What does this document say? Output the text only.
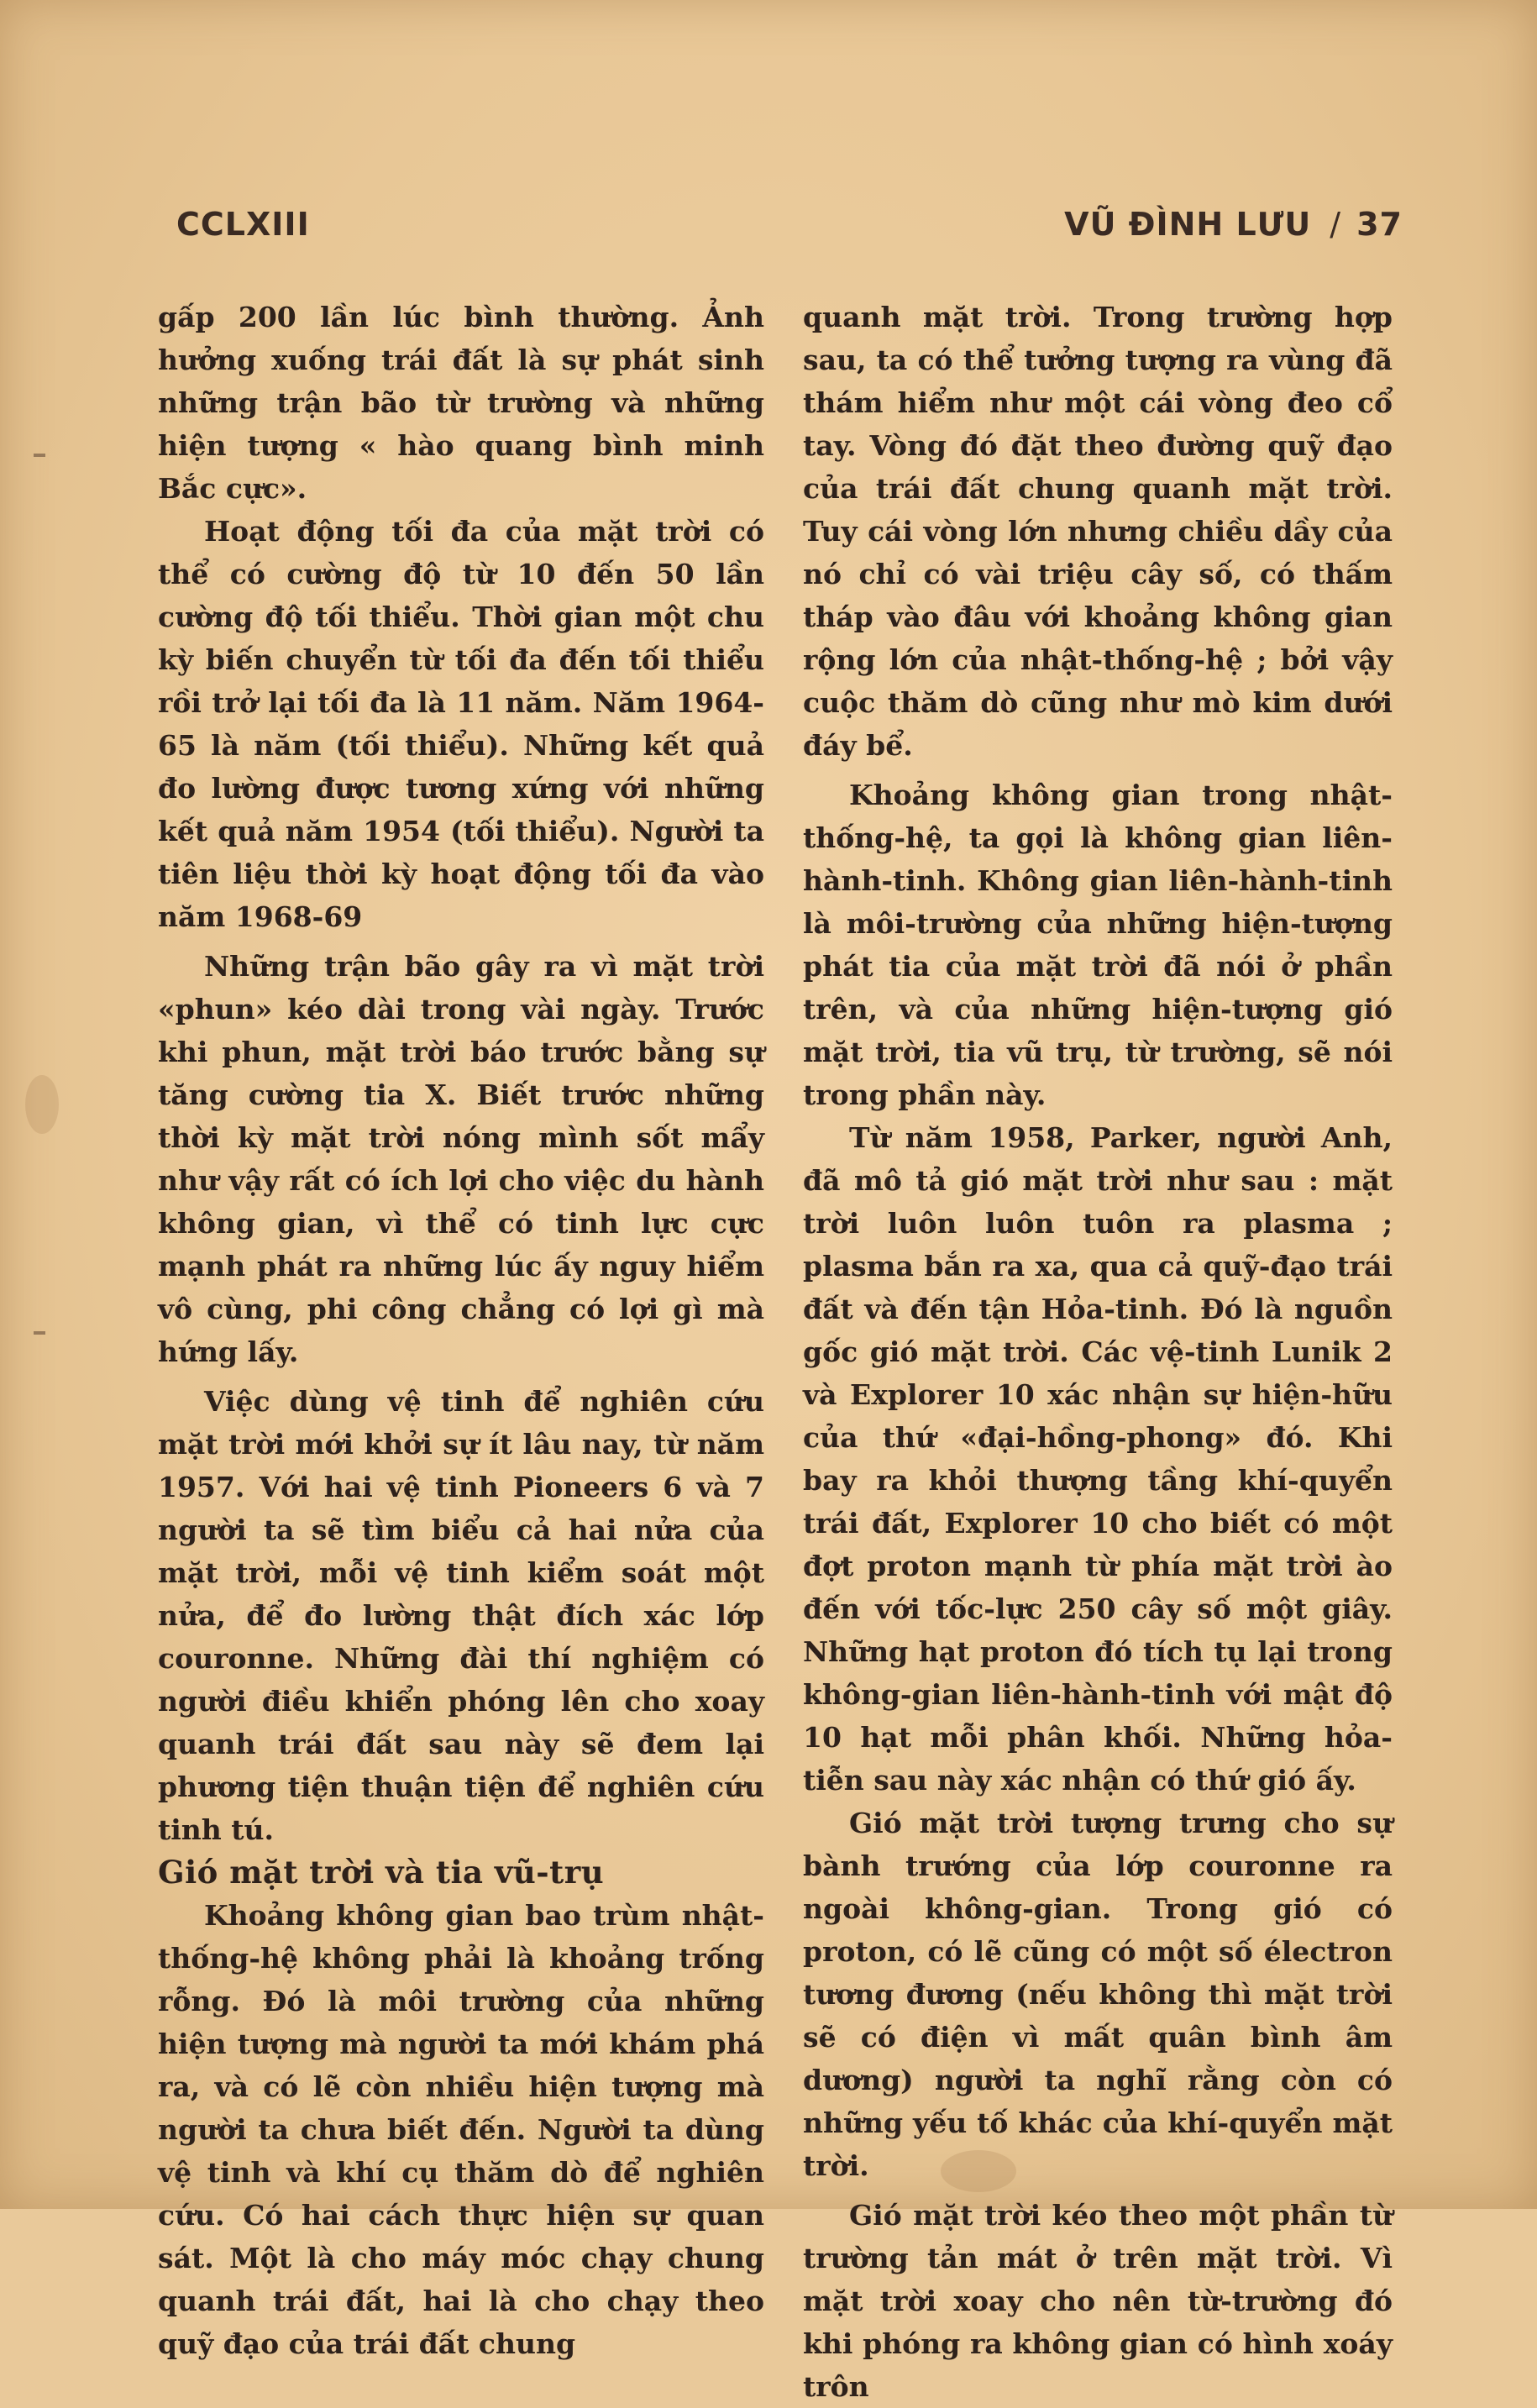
CCLXIII	VŨ ĐÌNH LƯU / 37

gấp 200 lần lúc bình thường. Ảnh hưởng xuống trái đất là sự phát sinh những trận bão từ trường và những hiện tượng « hào quang bình minh Bắc cực».

Hoạt động tối đa của mặt trời có thể có cường độ từ 10 đến 50 lần cường độ tối thiểu. Thời gian một chu kỳ biến chuyển từ tối đa đến tối thiểu rồi trở lại tối đa là 11 năm. Năm 1964-65 là năm (tối thiểu). Những kết quả đo lường được tương xứng với những kết quả năm 1954 (tối thiểu). Người ta tiên liệu thời kỳ hoạt động tối đa vào năm 1968-69

Những trận bão gây ra vì mặt trời «phun» kéo dài trong vài ngày. Trước khi phun, mặt trời báo trước bằng sự tăng cường tia X. Biết trước những thời kỳ mặt trời nóng mình sốt mẩy như vậy rất có ích lợi cho việc du hành không gian, vì thể có tinh lực cực mạnh phát ra những lúc ấy nguy hiểm vô cùng, phi công chẳng có lợi gì mà hứng lấy.

Việc dùng vệ tinh để nghiên cứu mặt trời mới khởi sự ít lâu nay, từ năm 1957. Với hai vệ tinh Pioneers 6 và 7 người ta sẽ tìm biểu cả hai nửa của mặt trời, mỗi vệ tinh kiểm soát một nửa, để đo lường thật đích xác lớp couronne. Những đài thí nghiệm có người điều khiển phóng lên cho xoay quanh trái đất sau này sẽ đem lại phương tiện thuận tiện để nghiên cứu tinh tú.

Gió mặt trời và tia vũ-trụ

Khoảng không gian bao trùm nhật-thống-hệ không phải là khoảng trống rỗng. Đó là môi trường của những hiện tượng mà người ta mới khám phá ra, và có lẽ còn nhiều hiện tượng mà người ta chưa biết đến. Người ta dùng vệ tinh và khí cụ thăm dò để nghiên cứu. Có hai cách thực hiện sự quan sát. Một là cho máy móc chạy chung quanh trái đất, hai là cho chạy theo quỹ đạo của trái đất chung

quanh mặt trời. Trong trường hợp sau, ta có thể tưởng tượng ra vùng đã thám hiểm như một cái vòng đeo cổ tay. Vòng đó đặt theo đường quỹ đạo của trái đất chung quanh mặt trời. Tuy cái vòng lớn nhưng chiều dầy của nó chỉ có vài triệu cây số, có thấm tháp vào đâu với khoảng không gian rộng lớn của nhật-thống-hệ ; bởi vậy cuộc thăm dò cũng như mò kim dưới đáy bể.

Khoảng không gian trong nhật-thống-hệ, ta gọi là không gian liên-hành-tinh. Không gian liên-hành-tinh là môi-trường của những hiện-tượng phát tia của mặt trời đã nói ở phần trên, và của những hiện-tượng gió mặt trời, tia vũ trụ, từ trường, sẽ nói trong phần này.

Từ năm 1958, Parker, người Anh, đã mô tả gió mặt trời như sau : mặt trời luôn luôn tuôn ra plasma ; plasma bắn ra xa, qua cả quỹ-đạo trái đất và đến tận Hỏa-tinh. Đó là nguồn gốc gió mặt trời. Các vệ-tinh Lunik 2 và Explorer 10 xác nhận sự hiện-hữu của thứ «đại-hồng-phong» đó. Khi bay ra khỏi thượng tầng khí-quyển trái đất, Explorer 10 cho biết có một đợt proton mạnh từ phía mặt trời ào đến với tốc-lực 250 cây số một giây. Những hạt proton đó tích tụ lại trong không-gian liên-hành-tinh với mật độ 10 hạt mỗi phân khối. Những hỏa-tiễn sau này xác nhận có thứ gió ấy.

Gió mặt trời tượng trưng cho sự bành trướng của lớp couronne ra ngoài không-gian. Trong gió có proton, có lẽ cũng có một số électron tương đương (nếu không thì mặt trời sẽ có điện vì mất quân bình âm dương) người ta nghĩ rằng còn có những yếu tố khác của khí-quyển mặt trời.

Gió mặt trời kéo theo một phần từ trường tản mát ở trên mặt trời. Vì mặt trời xoay cho nên từ-trường đó khi phóng ra không gian có hình xoáy trôn
